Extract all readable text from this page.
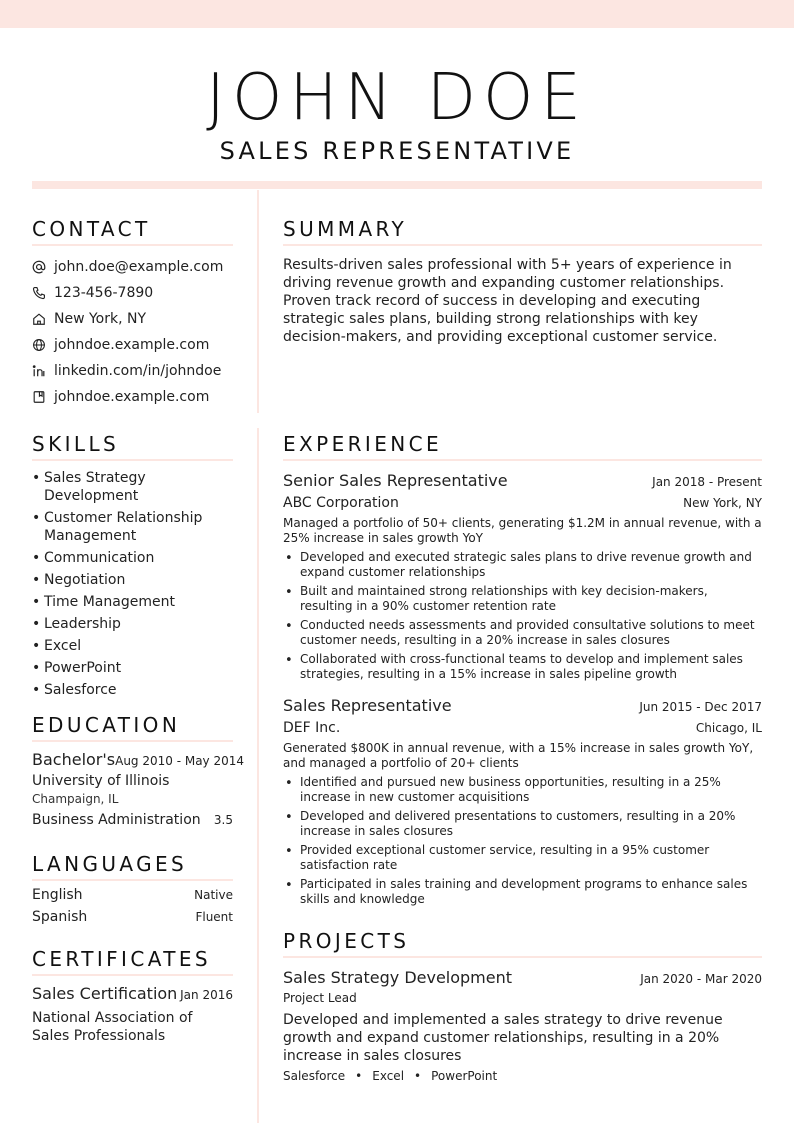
JOHN DOE
SALES REPRESENTATIVE
CONTACT
john.doe@example.com
123-456-7890
New York, NY
johndoe.example.com
linkedin.com/in/johndoe
johndoe.example.com
SUMMARY

Results-driven sales professional with 5+ years of experience in driving revenue growth and expanding customer relationships. Proven track record of success in developing and executing strategic sales plans, building strong relationships with key decision-makers, and providing exceptional customer service.

SKILLS
• Sales Strategy Development
• Customer Relationship Management
• Communication
• Negotiation
• Time Management
• Leadership
• Excel
• PowerPoint
• Salesforce
EDUCATION
Bachelor's Aug 2010 - May 2014
University of Illinois
Champaign, IL
Business Administration 3.5
LANGUAGES
English	Native
Spanish	Fluent
CERTIFICATES
Sales Certification Jan 2016
National Association of Sales Professionals
EXPERIENCE
Senior Sales Representative	Jan 2018 - Present
ABC Corporation	New York, NY
Managed a portfolio of 50+ clients, generating $1.2M in annual revenue, with a 25% increase in sales growth YoY
• Developed and executed strategic sales plans to drive revenue growth and expand customer relationships
• Built and maintained strong relationships with key decision-makers, resulting in a 90% customer retention rate
• Conducted needs assessments and provided consultative solutions to meet customer needs, resulting in a 20% increase in sales closures
• Collaborated with cross-functional teams to develop and implement sales strategies, resulting in a 15% increase in sales pipeline growth
Sales Representative	Jun 2015 - Dec 2017
DEF Inc.	Chicago, IL
Generated $800K in annual revenue, with a 15% increase in sales growth YoY, and managed a portfolio of 20+ clients
• Identified and pursued new business opportunities, resulting in a 25% increase in new customer acquisitions
• Developed and delivered presentations to customers, resulting in a 20% increase in sales closures
• Provided exceptional customer service, resulting in a 95% customer satisfaction rate
• Participated in sales training and development programs to enhance sales skills and knowledge
PROJECTS
Sales Strategy Development	Jan 2020 - Mar 2020
Project Lead
Developed and implemented a sales strategy to drive revenue growth and expand customer relationships, resulting in a 20% increase in sales closures
Salesforce • Excel • PowerPoint
